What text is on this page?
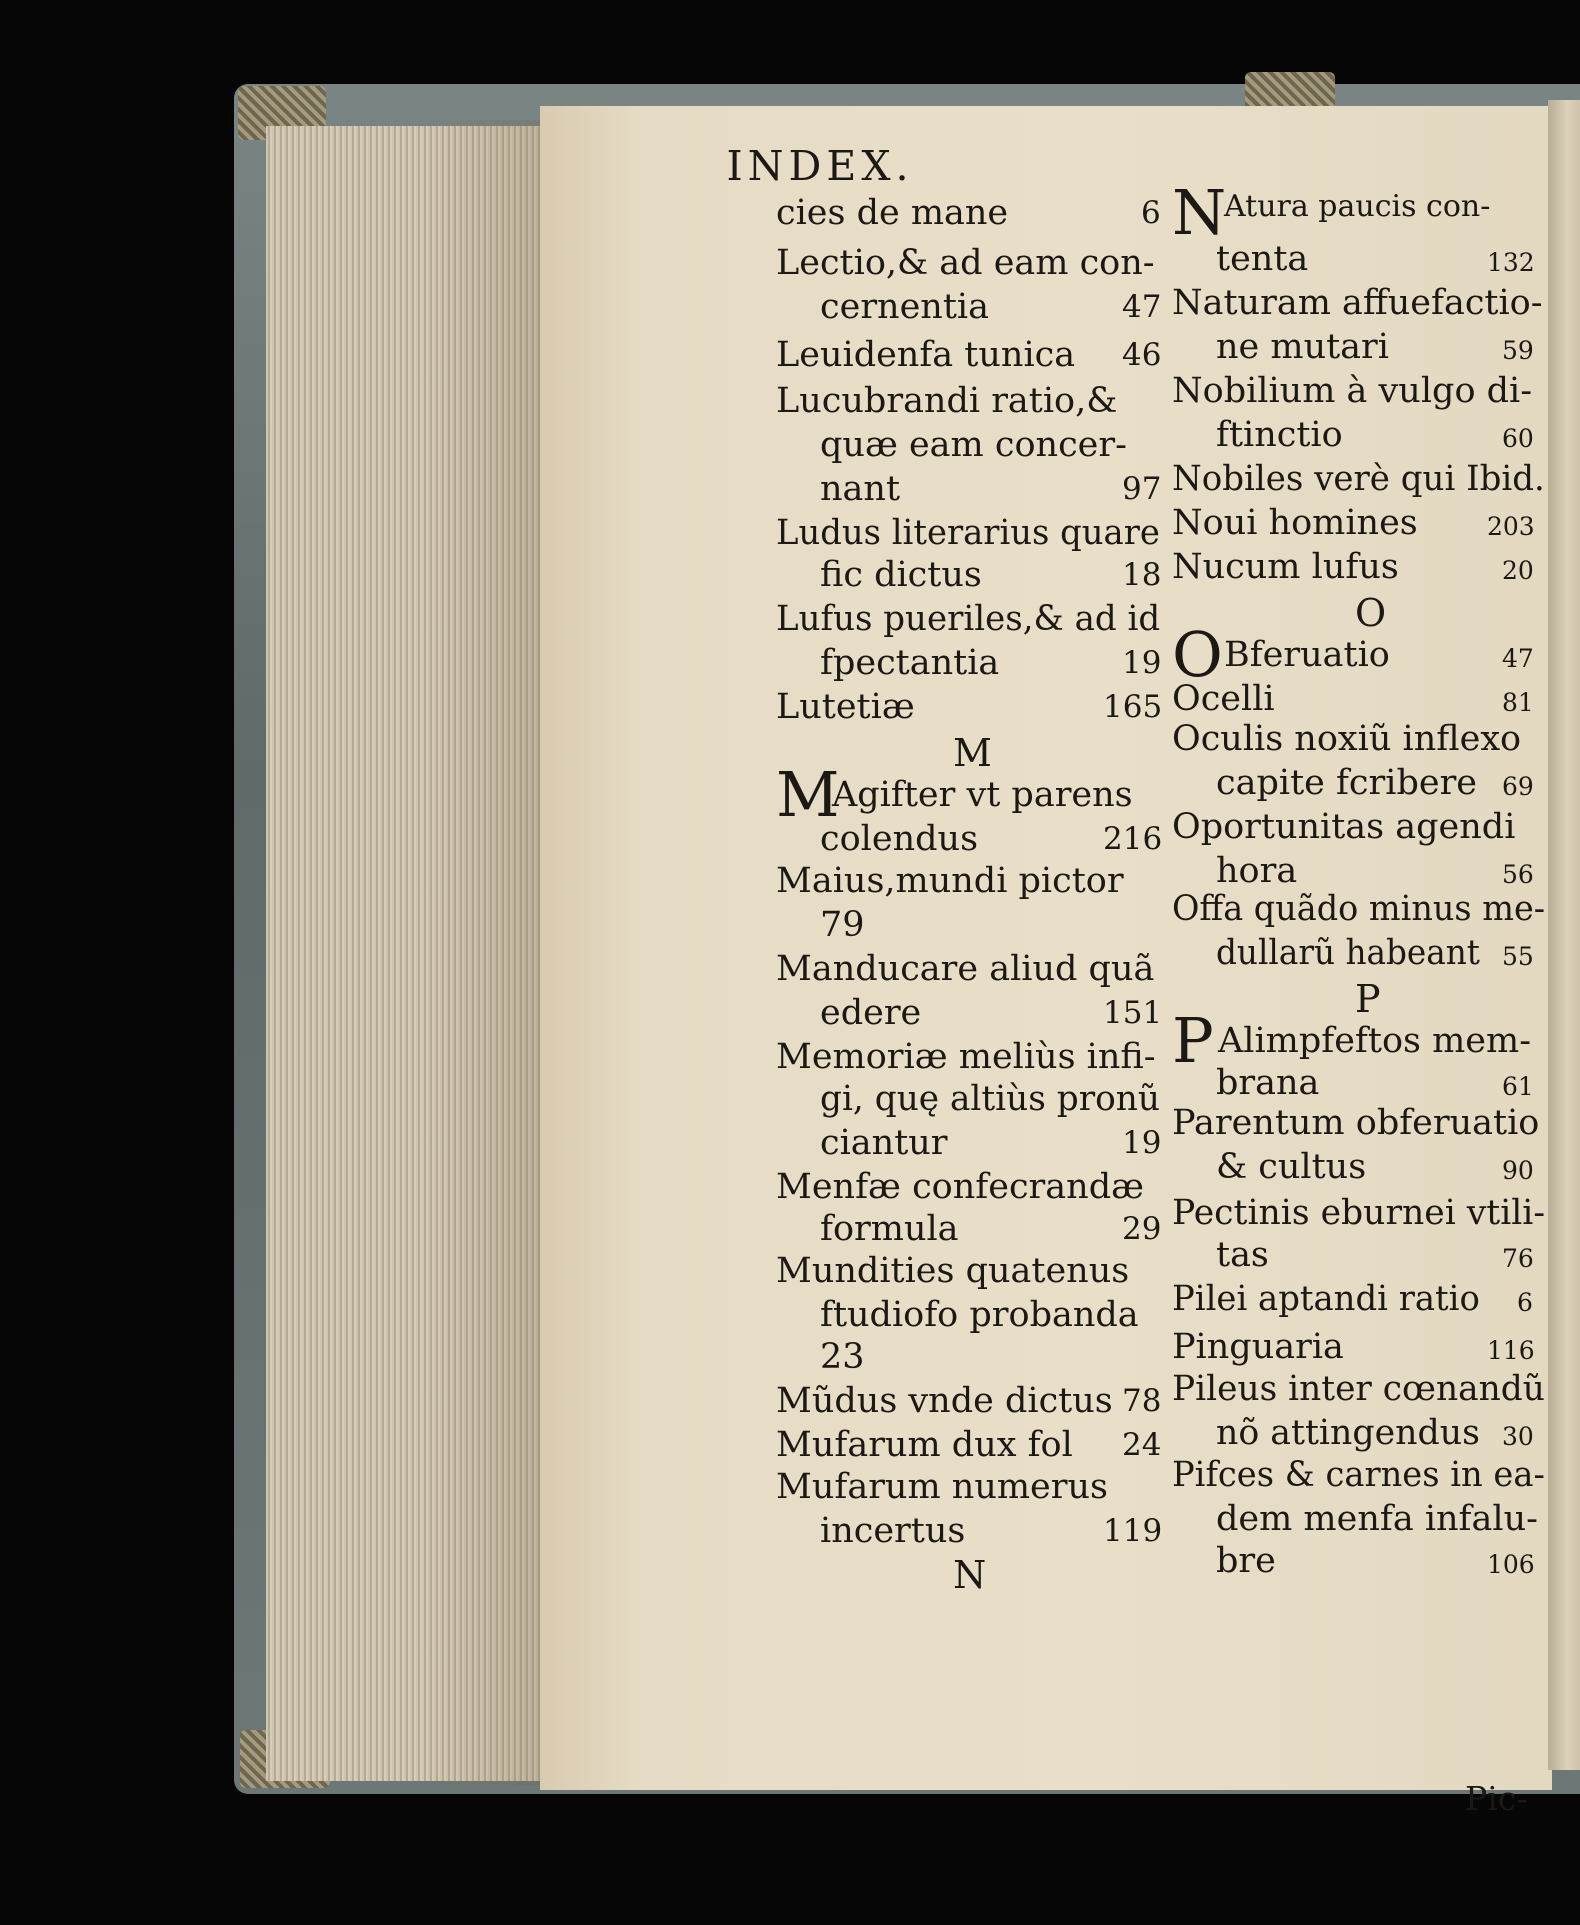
INDEX.
cies de mane	6
Lectio,& ad eam con-
cernentia	47
Leuidenfa tunica 46
Lucubrandi ratio,&
quæ eam concer-
nant	97
Ludus literarius quare
fic dictus	18
Lufus pueriles,& ad id
fpectantia	19
Lutetiæ	165
M
M
Agifter vt parens
colendus	216
Maius,mundi pictor
79
Manducare aliud quã
edere	151
Memoriæ meliùs infi-
gi, quę altiùs pronũ
ciantur	19
Menfæ confecrandæ
formula	29
Mundities quatenus
ftudiofo probanda
23
Mũdus vnde dictus 78
Mufarum dux fol 24
Mufarum numerus
incertus	119
N
N
Atura paucis con-
tenta	132
Naturam affuefactio-
ne mutari	59
Nobilium à vulgo di-
ftinctio	60
Nobiles verè qui Ibid.
Noui homines	203
Nucum lufus	20
O
O Bferuatio	47
Ocelli	81
Oculis noxiũ inflexo
capite fcribere 69
Oportunitas agendi
hora	56
Offa quãdo minus me-
dullarũ habeant 55
P
P Alimpfeftos mem-
brana	61
Parentum obferuatio
& cultus	90
Pectinis eburnei vtili-
tas	76
Pilei aptandi ratio 6
Pinguaria	116
Pileus inter cœnandũ
nõ attingendus 30
Pifces & carnes in ea-
dem menfa infalu-
bre	106
Pic-
